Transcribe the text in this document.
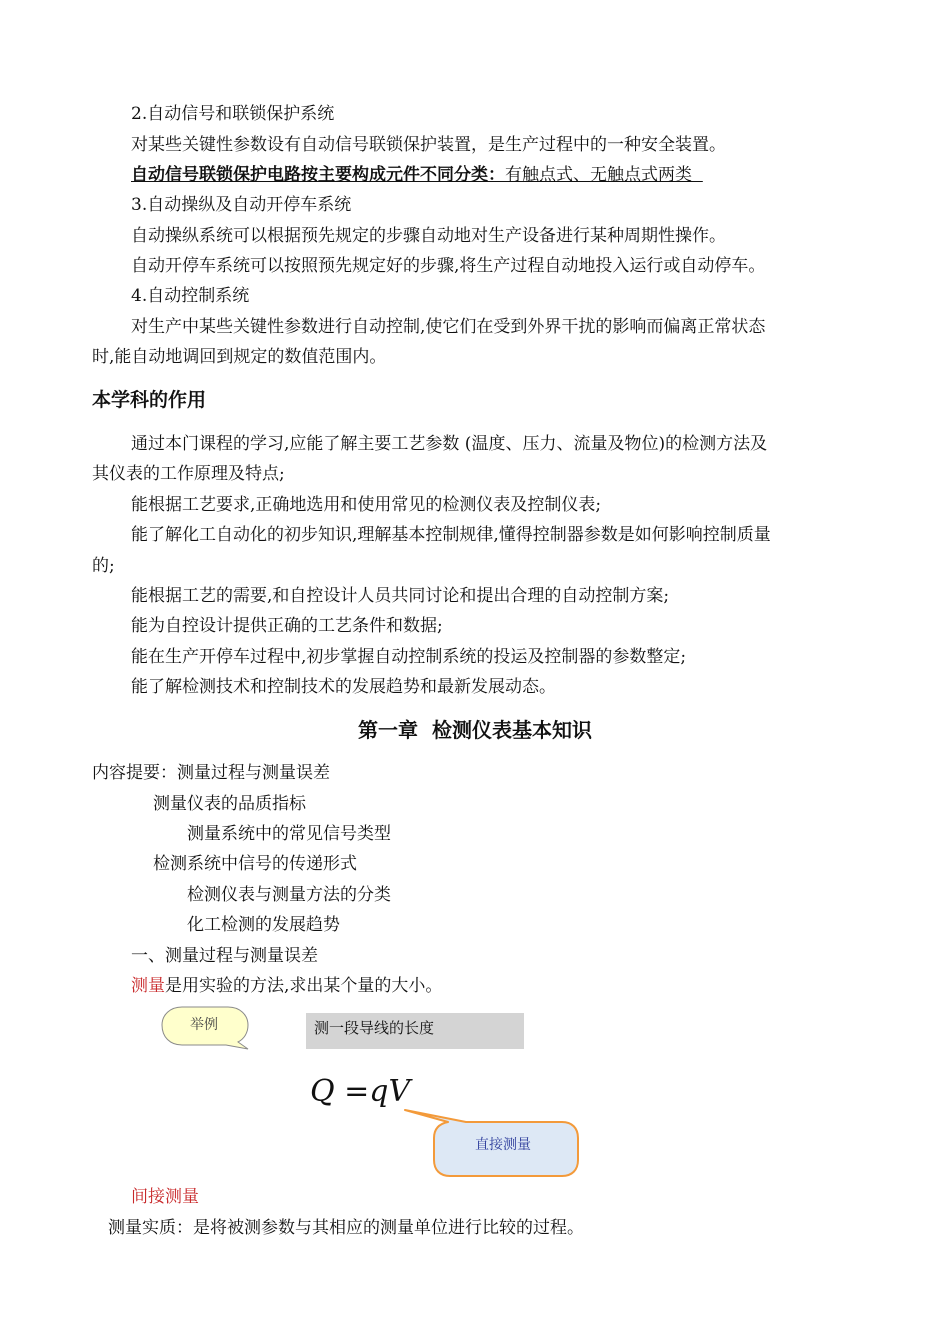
2.自动信号和联锁保护系统
对某些关键性参数设有自动信号联锁保护装置，是生产过程中的一种安全装置。
自动信号联锁保护电路按主要构成元件不同分类：有触点式、无触点式两类
3.自动操纵及自动开停车系统
自动操纵系统可以根据预先规定的步骤自动地对生产设备进行某种周期性操作。
自动开停车系统可以按照预先规定好的步骤,将生产过程自动地投入运行或自动停车。
4.自动控制系统
对生产中某些关键性参数进行自动控制,使它们在受到外界干扰的影响而偏离正常状态
时,能自动地调回到规定的数值范围内。
本学科的作用
通过本门课程的学习,应能了解主要工艺参数 (温度、压力、流量及物位)的检测方法及
其仪表的工作原理及特点;
能根据工艺要求,正确地选用和使用常见的检测仪表及控制仪表;
能了解化工自动化的初步知识,理解基本控制规律,懂得控制器参数是如何影响控制质量
的;
能根据工艺的需要,和自控设计人员共同讨论和提出合理的自动控制方案;
能为自控设计提供正确的工艺条件和数据;
能在生产开停车过程中,初步掌握自动控制系统的投运及控制器的参数整定;
能了解检测技术和控制技术的发展趋势和最新发展动态。
第一章  检测仪表基本知识
内容提要：测量过程与测量误差
测量仪表的品质指标
测量系统中的常见信号类型
检测系统中信号的传递形式
检测仪表与测量方法的分类
化工检测的发展趋势
一、测量过程与测量误差
测量是用实验的方法,求出某个量的大小。
举例	测一段导线的长度
Q =qV
直接测量
间接测量
测量实质：是将被测参数与其相应的测量单位进行比较的过程。
